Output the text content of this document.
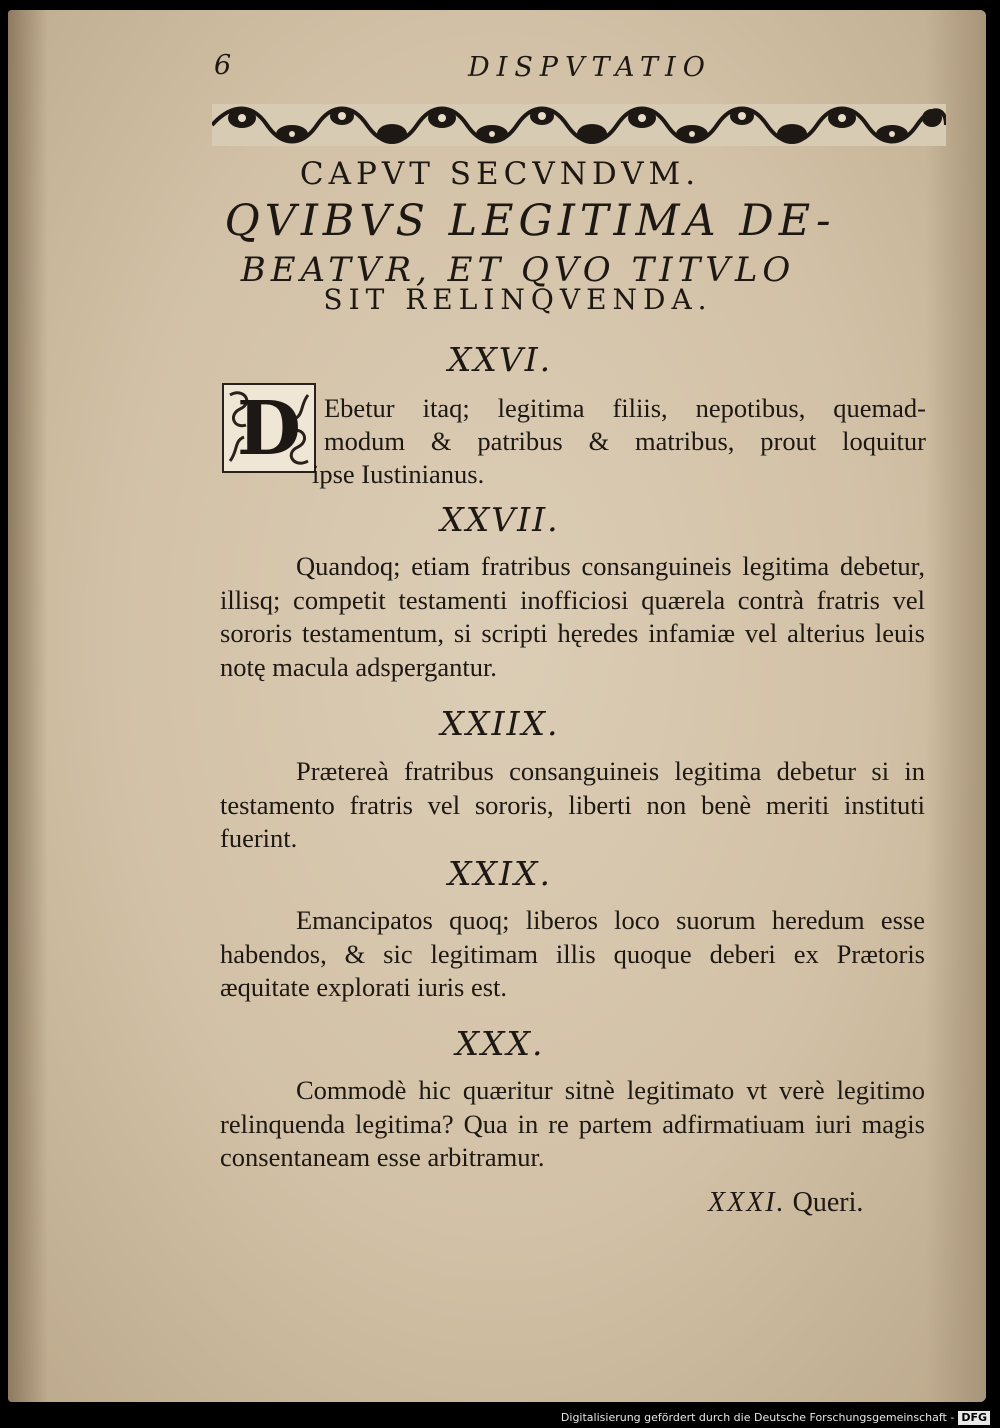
6	DISPVTATIO
CAPVT SECVNDVM.
QVIBVS LEGITIMA DE-
BEATVR, ET QVO TITVLO
SIT RELINQVENDA.
XXVI.
D Ebetur itaq; legitima filiis, nepotibus, quemad-
modum & patribus & matribus, prout loquitur
ipse Iustinianus.
XXVII.
Quandoq; etiam fratribus consanguineis legitima debetur, illisq; competit testamenti inofficiosi quærela contrà fratris vel sororis testamentum, si scripti hęredes infamiæ vel alterius leuis notę macula adspergantur.
XXIIX.
Prætereà fratribus consanguineis legitima debetur si in testamento fratris vel sororis, liberti non benè meriti instituti fuerint.
XXIX.
Emancipatos quoq; liberos loco suorum heredum esse habendos, & sic legitimam illis quoque deberi ex Prætoris æquitate explorati iuris est.
XXX.
Commodè hic quæritur sitnè legitimato vt verè legitimo relinquenda legitima? Qua in re partem adfirmatiuam iuri magis consentaneam esse arbitramur.
XXXI. Queri.
Digitalisierung gefördert durch die Deutsche Forschungsgemeinschaft - DFG
